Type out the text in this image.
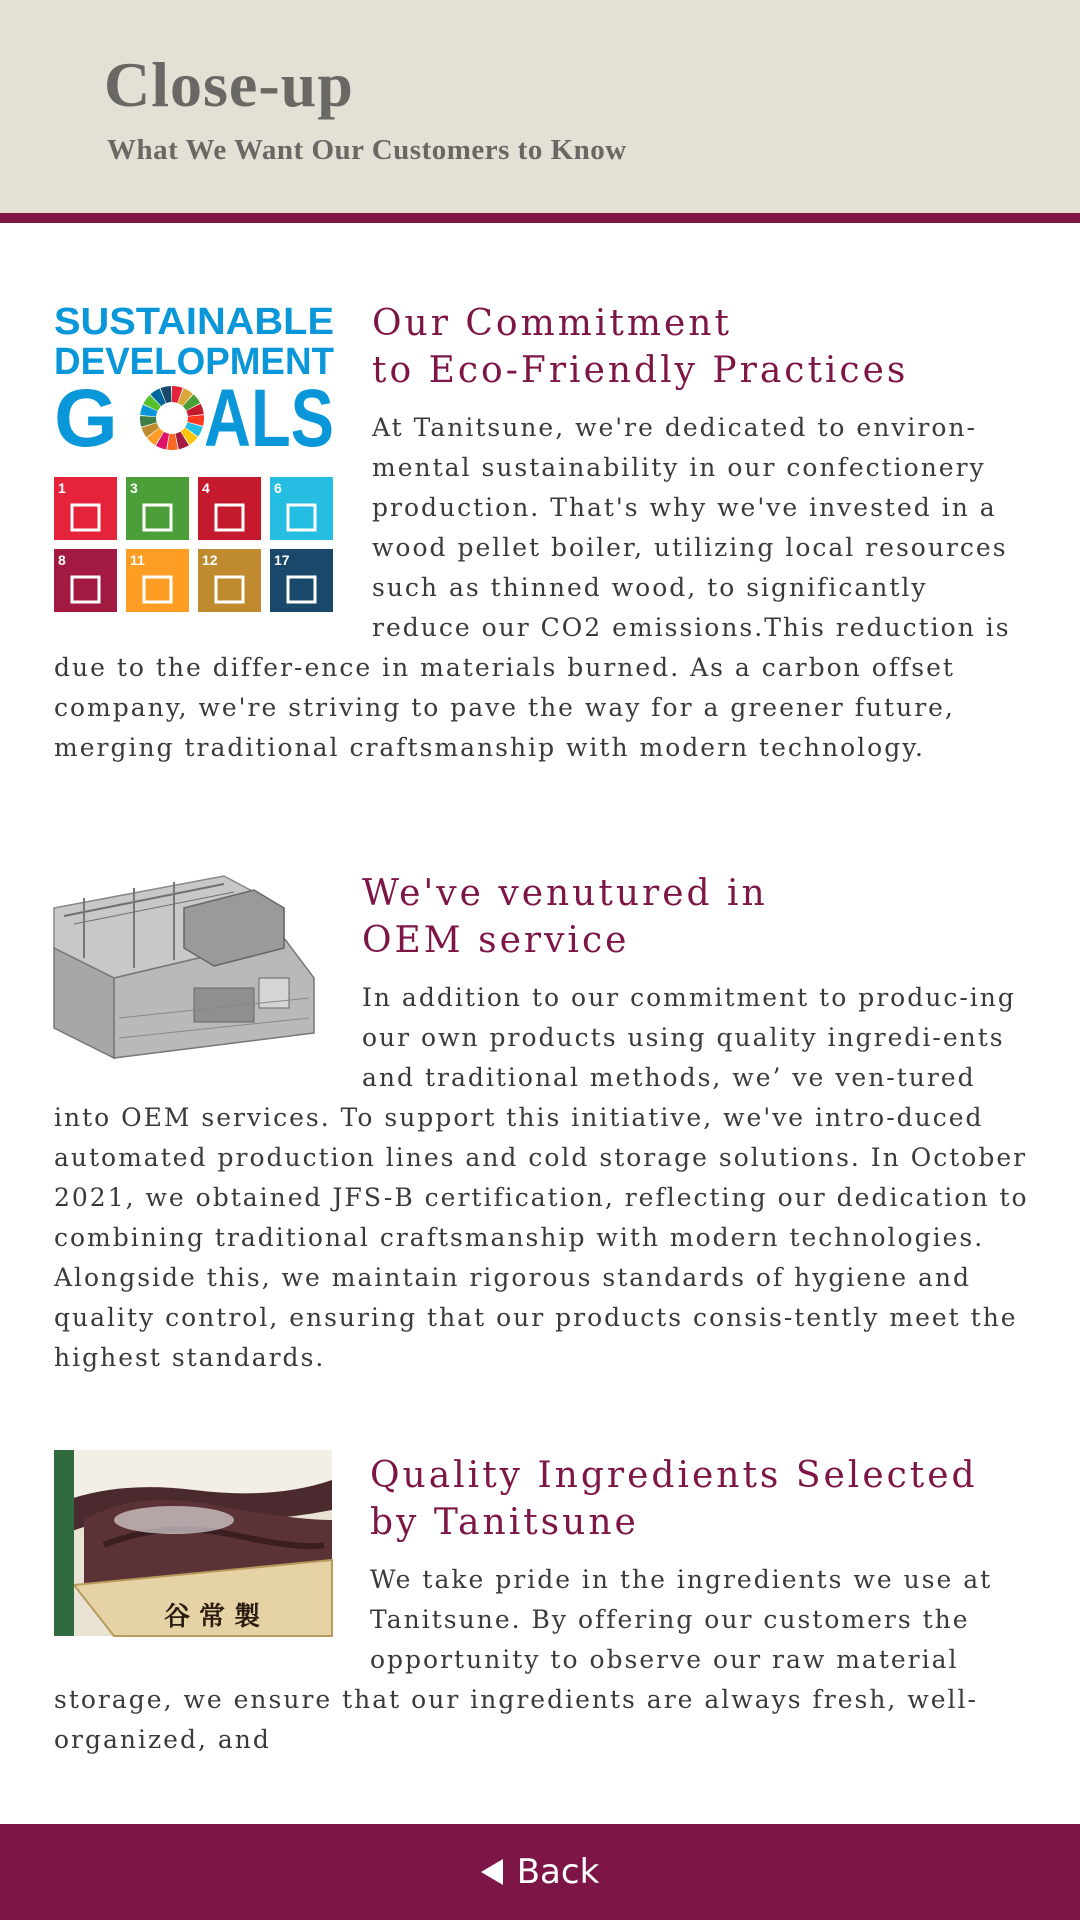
Close-up
What We Want Our Customers to Know
SUSTAINABLE
DEVELOPMENT
G ALS
1	3	4	6
8	11	12	17
Our Commitment
to Eco-Friendly Practices

At Tanitsune, we're dedicated to environ-mental sustainability in our confectionery production. That's why we've invested in a wood pellet boiler, utilizing local resources such as thinned wood, to significantly reduce our CO2 emissions.This reduction is due to the differ-ence in materials burned. As a carbon offset company, we're striving to pave the way for a greener future, merging traditional craftsmanship with modern technology.

We've venutured in
OEM service

In addition to our commitment to produc-ing our own products using quality ingredi-ents and traditional methods, we’ ve ven-tured into OEM services. To support this initiative, we've intro-duced automated production lines and cold storage solutions. In October 2021, we obtained JFS-B certification, reflecting our dedication to combining traditional craftsmanship with modern technologies. Alongside this, we maintain rigorous standards of hygiene and quality control, ensuring that our products consis-tently meet the highest standards.

谷 常 製
Quality Ingredients Selected
by Tanitsune

We take pride in the ingredients we use at Tanitsune. By offering our customers the opportunity to observe our raw material storage, we ensure that our ingredients are always fresh, well-organized, and

Back
